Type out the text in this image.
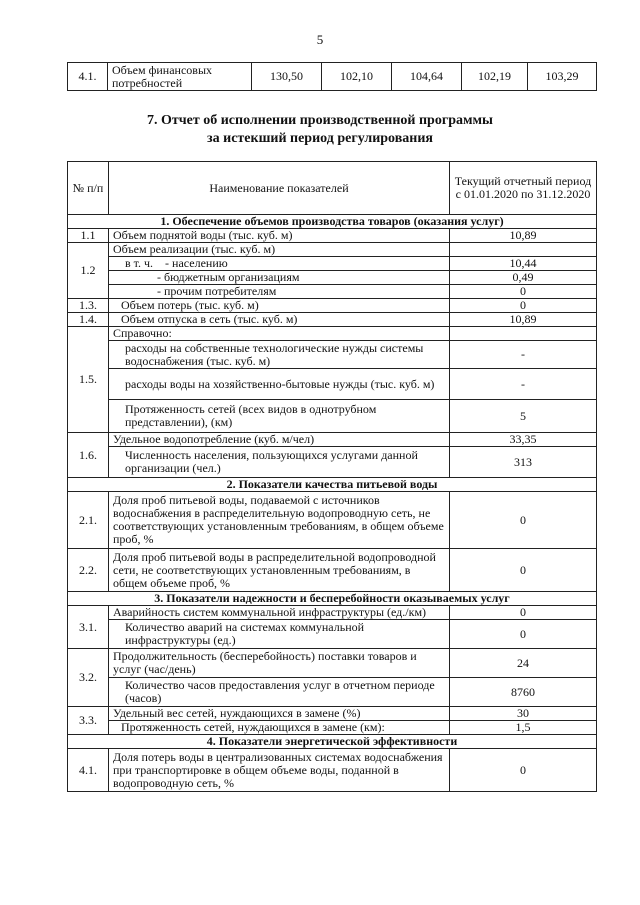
5
4.1.	Объем финансовых потребностей	130,50	102,10	104,64	102,19	103,29
7. Отчет об исполнении производственной программы
за истекший период регулирования
№ п/п	Наименование показателей	Текущий отчетный период с 01.01.2020 по 31.12.2020
1. Обеспечение объемов производства товаров (оказания услуг)		
1.1	Объем поднятой воды (тыс. куб. м)	10,89
1.2	Объем реализации (тыс. куб. м)	
	в т. ч. - населению	10,44
	- бюджетным организациям	0,49
	- прочим потребителям	0
1.3.	Объем потерь (тыс. куб. м)	0
1.4.	Объем отпуска в сеть (тыс. куб. м)	10,89
1.5.	Справочно:	
	расходы на собственные технологические нужды системы водоснабжения (тыс. куб. м)	-
	расходы воды на хозяйственно-бытовые нужды (тыс. куб. м)	-
	Протяженность сетей (всех видов в однотрубном представлении), (км)	5
1.6.	Удельное водопотребление (куб. м/чел)	33,35
	Численность населения, пользующихся услугами данной организации (чел.)	313
2. Показатели качества питьевой воды		
2.1.	Доля проб питьевой воды, подаваемой с источников водоснабжения в распределительную водопроводную сеть, не соответствующих установленным требованиям, в общем объеме проб, %	0
2.2.	Доля проб питьевой воды в распределительной водопроводной сети, не соответствующих установленным требованиям, в общем объеме проб, %	0
3. Показатели надежности и бесперебойности оказываемых услуг		
3.1.	Аварийность систем коммунальной инфраструктуры (ед./км)	0
	Количество аварий на системах коммунальной инфраструктуры (ед.)	0
3.2.	Продолжительность (бесперебойность) поставки товаров и услуг (час/день)	24
	Количество часов предоставления услуг в отчетном периоде (часов)	8760
3.3.	Удельный вес сетей, нуждающихся в замене (%)	30
	Протяженность сетей, нуждающихся в замене (км):	1,5
4. Показатели энергетической эффективности		
4.1.	Доля потерь воды в централизованных системах водоснабжения при транспортировке в общем объеме воды, поданной в водопроводную сеть, %	0
